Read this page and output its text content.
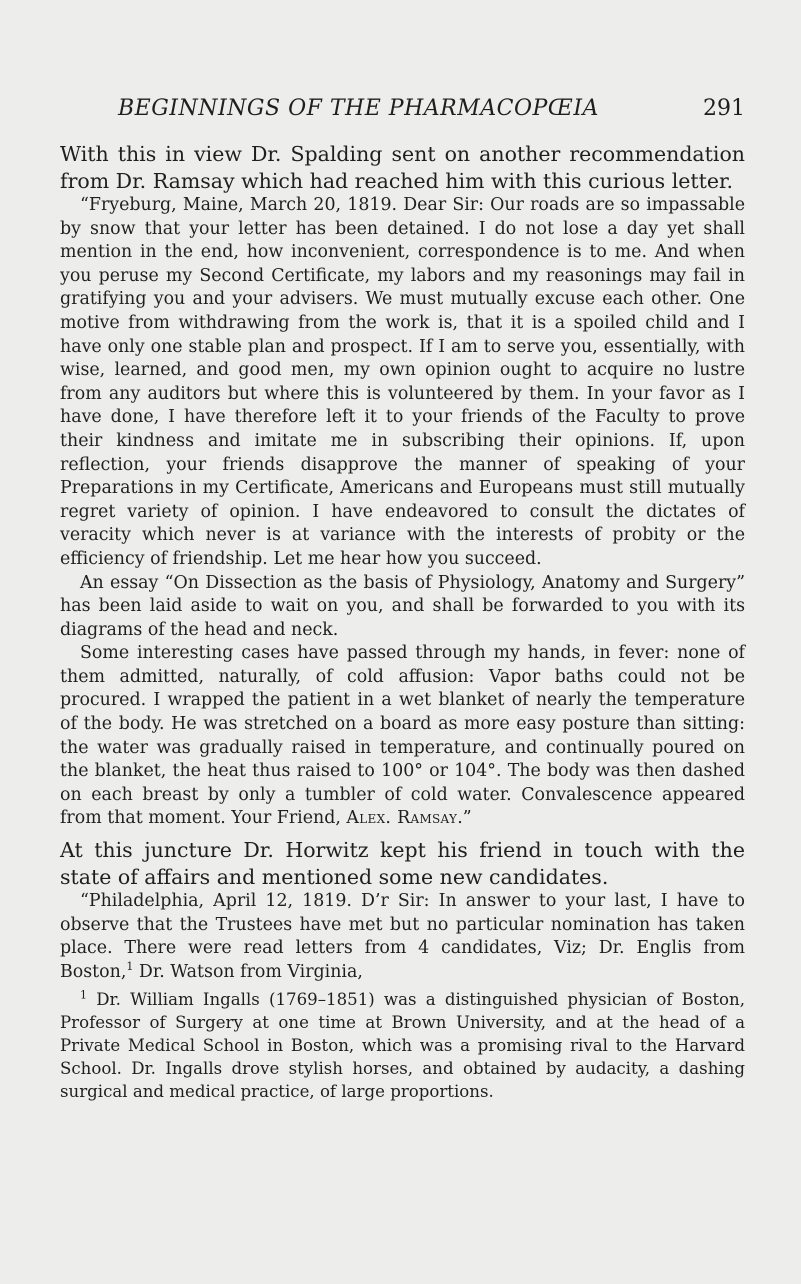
BEGINNINGS OF THE PHARMACOPŒIA	291

With this in view Dr. Spalding sent on another recommendation from Dr. Ramsay which had reached him with this curious letter.

“Fryeburg, Maine, March 20, 1819. Dear Sir: Our roads are so impassable by snow that your letter has been detained. I do not lose a day yet shall mention in the end, how inconvenient, correspondence is to me. And when you peruse my Second Certificate, my labors and my reasonings may fail in gratifying you and your advisers. We must mutually excuse each other. One motive from withdrawing from the work is, that it is a spoiled child and I have only one stable plan and prospect. If I am to serve you, essentially, with wise, learned, and good men, my own opinion ought to acquire no lustre from any auditors but where this is volunteered by them. In your favor as I have done, I have therefore left it to your friends of the Faculty to prove their kindness and imitate me in subscribing their opinions. If, upon reflection, your friends disapprove the manner of speaking of your Preparations in my Certificate, Americans and Europeans must still mutually regret variety of opinion. I have endeavored to consult the dictates of veracity which never is at variance with the interests of probity or the efficiency of friendship. Let me hear how you succeed.

An essay “On Dissection as the basis of Physiology, Anatomy and Surgery” has been laid aside to wait on you, and shall be forwarded to you with its diagrams of the head and neck.

Some interesting cases have passed through my hands, in fever: none of them admitted, naturally, of cold affusion: Vapor baths could not be procured. I wrapped the patient in a wet blanket of nearly the temperature of the body. He was stretched on a board as more easy posture than sitting: the water was gradually raised in temperature, and continually poured on the blanket, the heat thus raised to 100° or 104°. The body was then dashed on each breast by only a tumbler of cold water. Convalescence appeared from that moment. Your Friend, Alex. Ramsay.”

At this juncture Dr. Horwitz kept his friend in touch with the state of affairs and mentioned some new candidates.

“Philadelphia, April 12, 1819. D’r Sir: In answer to your last, I have to observe that the Trustees have met but no particular nomination has taken place. There were read letters from 4 candidates, Viz; Dr. Englis from Boston,$^1$ Dr. Watson from Virginia,

$^1$ Dr. William Ingalls (1769–1851) was a distinguished physician of Boston, Professor of Surgery at one time at Brown University, and at the head of a Private Medical School in Boston, which was a promising rival to the Harvard School. Dr. Ingalls drove stylish horses, and obtained by audacity, a dashing surgical and medical practice, of large proportions.
